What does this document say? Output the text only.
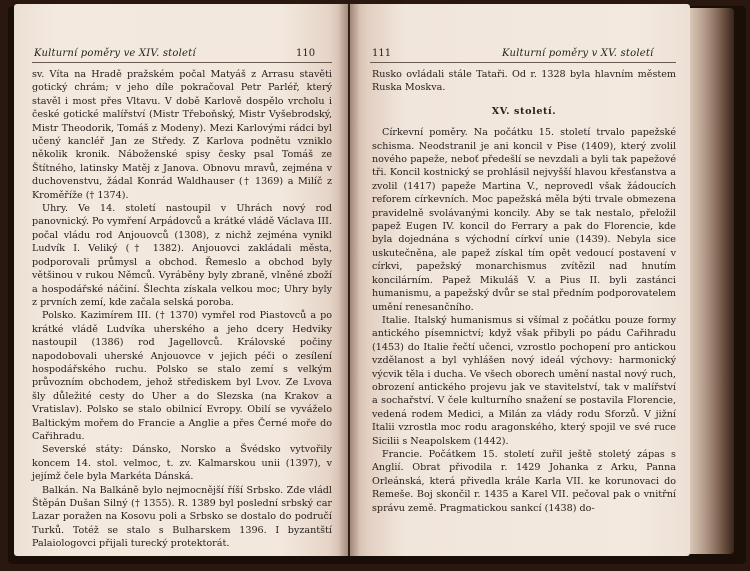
Kulturní poměry ve XIV. století	110

sv. Víta na Hradě pražském počal Matyáš z Arrasu stavěti gotický chrám; v jeho díle pokračoval Petr Parléř, který stavěl i most přes Vltavu. V době Karlově dospělo vrcholu i české gotické malířství (Mistr Třeboňský, Mistr Vyšebrodský, Mistr Theodorik, Tomáš z Modeny). Mezi Karlovými rádci byl učený kancléř Jan ze Středy. Z Karlova podnětu vzniklo několik kronik. Náboženské spisy česky psal Tomáš ze Štítného, latinsky Matěj z Janova. Obnovu mravů, zejména v duchovenstvu, žádal Konrád Waldhauser († 1369) a Milíč z Kroměříže († 1374).

Uhry. Ve 14. století nastoupil v Uhrách nový rod panovnický. Po vymření Arpádovců a krátké vládě Václava III. počal vládu rod Anjouovců (1308), z nichž zejména vynikl Ludvík I. Veliký († 1382). Anjouovci zakládali města, podporovali průmysl a obchod. Řemeslo a obchod byly většinou v rukou Němců. Vyráběny byly zbraně, vlněné zboží a hospodářské náčiní. Šlechta získala velkou moc; Uhry byly z prvních zemí, kde začala selská poroba.

Polsko. Kazimírem III. († 1370) vymřel rod Piastovců a po krátké vládě Ludvíka uherského a jeho dcery Hedviky nastoupil (1386) rod Jagellovců. Královské počiny napodobovali uherské Anjouovce v jejich péči o zesílení hospodářského ruchu. Polsko se stalo zemí s velkým průvozním obchodem, jehož střediskem byl Lvov. Ze Lvova šly důležité cesty do Uher a do Slezska (na Krakov a Vratislav). Polsko se stalo obilnicí Evropy. Obilí se vyváželo Baltickým mořem do Francie a Anglie a přes Černé moře do Cařihradu.

Severské státy: Dánsko, Norsko a Švédsko vytvořily koncem 14. stol. velmoc, t. zv. Kalmarskou unii (1397), v jejímž čele byla Markéta Dánská.

Balkán. Na Balkáně bylo nejmocnější říší Srbsko. Zde vládl Štěpán Dušan Silný († 1355). R. 1389 byl poslední srbský car Lazar poražen na Kosovu poli a Srbsko se dostalo do područí Turků. Totéž se stalo s Bulharskem 1396. I byzantští Palaiologovci přijali turecký protektorát.

111	Kulturní poměry v XV. století

Rusko ovládali stále Tataři. Od r. 1328 byla hlavním městem Ruska Moskva.

XV. století.

Církevní poměry. Na počátku 15. století trvalo papežské schisma. Neodstranil je ani koncil v Pise (1409), který zvolil nového papeže, neboť předešlí se nevzdali a byli tak papežové tři. Koncil kostnický se prohlásil nejvyšší hlavou křesťanstva a zvolil (1417) papeže Martina V., neprovedl však žádoucích reforem církevních. Moc papežská měla býti trvale obmezena pravidelně svolávanými koncily. Aby se tak nestalo, přeložil papež Eugen IV. koncil do Ferrary a pak do Florencie, kde byla dojednána s východní církví unie (1439). Nebyla sice uskutečněna, ale papež získal tím opět vedoucí postavení v církvi, papežský monarchismus zvítězil nad hnutím koncilárním. Papež Mikuláš V. a Pius II. byli zastánci humanismu, a papežský dvůr se stal předním podporovatelem umění renesančního.

Italie. Italský humanismus si všímal z počátku pouze formy antického písemnictví; když však přibyli po pádu Cařihradu (1453) do Italie řečtí učenci, vzrostlo pochopení pro antickou vzdělanost a byl vyhlášen nový ideál výchovy: harmonický výcvik těla i ducha. Ve všech oborech umění nastal nový ruch, obrození antického projevu jak ve stavitelství, tak v malířství a sochařství. V čele kulturního snažení se postavila Florencie, vedená rodem Medici, a Milán za vlády rodu Sforzů. V jižní Italii vzrostla moc rodu aragonského, který spojil ve své ruce Sicilii s Neapolskem (1442).

Francie. Počátkem 15. století zuřil ještě stoletý zápas s Anglií. Obrat přivodila r. 1429 Johanka z Arku, Panna Orleánská, která přivedla krále Karla VII. ke korunovaci do Remeše. Boj skončil r. 1435 a Karel VII. pečoval pak o vnitřní správu země. Pragmatickou sankcí (1438) do-
